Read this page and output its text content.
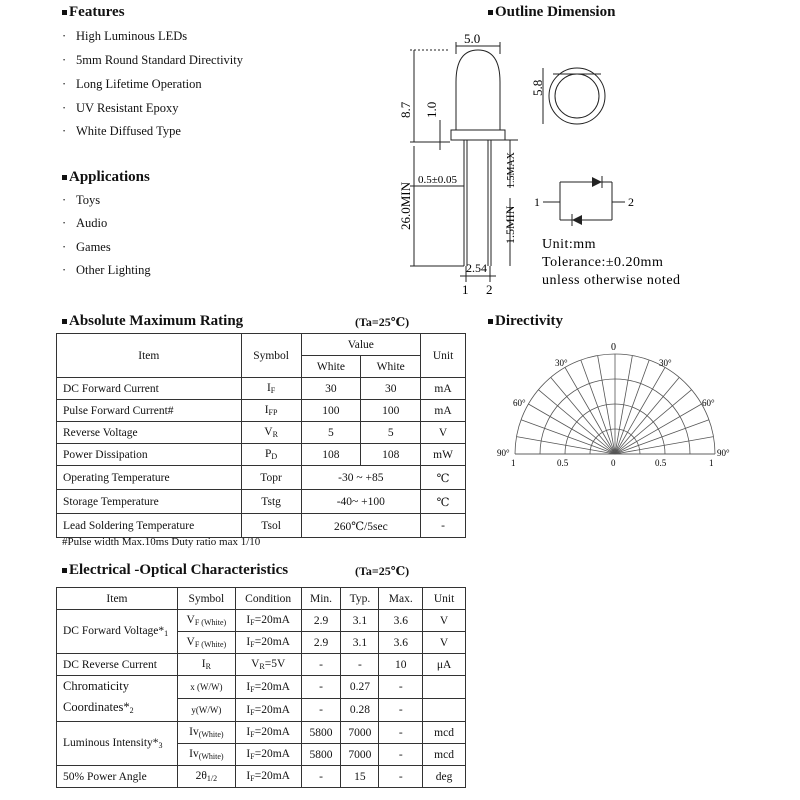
Features
· High Luminous LEDs
· 5mm Round Standard Directivity
· Long Lifetime Operation
· UV Resistant Epoxy
· White Diffused Type
Applications
· Toys
· Audio
· Games
· Other Lighting
Outline Dimension
5.0
8.7 1.0
5.8
0.5±0.05	1.5MAX
26.0MIN	1.5MIN
2.54
1 2
1	2
Unit:mm
Tolerance:±0.20mm
unless otherwise noted
Absolute Maximum Rating	(Ta=25℃)
Item	Symbol	Value		Unit
		White	White	
DC Forward Current	$I_F$	30	30	mA
Pulse Forward Current#	$I_{FP}$	100	100	mA
Reverse Voltage	$V_R$	5	5	V
Power Dissipation	$P_D$	108	108	mW
Operating Temperature	Topr	-30 ~ +85		℃
Storage Temperature	Tstg	-40~ +100		℃
Lead Soldering Temperature	Tsol	260℃/5sec		-
#Pulse width Max.10ms Duty ratio max 1/10
Directivity
0
30°	30°
60°	60°
90°	90°
1	0.5	0	0.5	1
Electrical -Optical Characteristics	(Ta=25℃)
Item	Symbol	Condition	Min.	Typ.	Max.	Unit
DC Forward $Voltage*_1$	$V_{F (White)}$	$I_F=20mA$	2.9	3.1	3.6	V
	$V_{F (White)}$	$I_F=20mA$	2.9	3.1	3.6	V
DC Reverse Current	$I_R$	$V_R=5V$	-	-	10	μA
Chromaticity
$Coordinates*_2$	x (W/W)	$I_F=20mA$	-	0.27	-	
	y(W/W)	$I_F=20mA$	-	0.28	-	
Luminous $Intensity*_3$	$Iv_{(White)}$	$I_F=20mA$	5800	7000	-	mcd
	$Iv_{(White)}$	$I_F=20mA$	5800	7000	-	mcd
50% Power Angle	$2\theta_{1/2}$	$I_F=20mA$	-	15	-	deg
